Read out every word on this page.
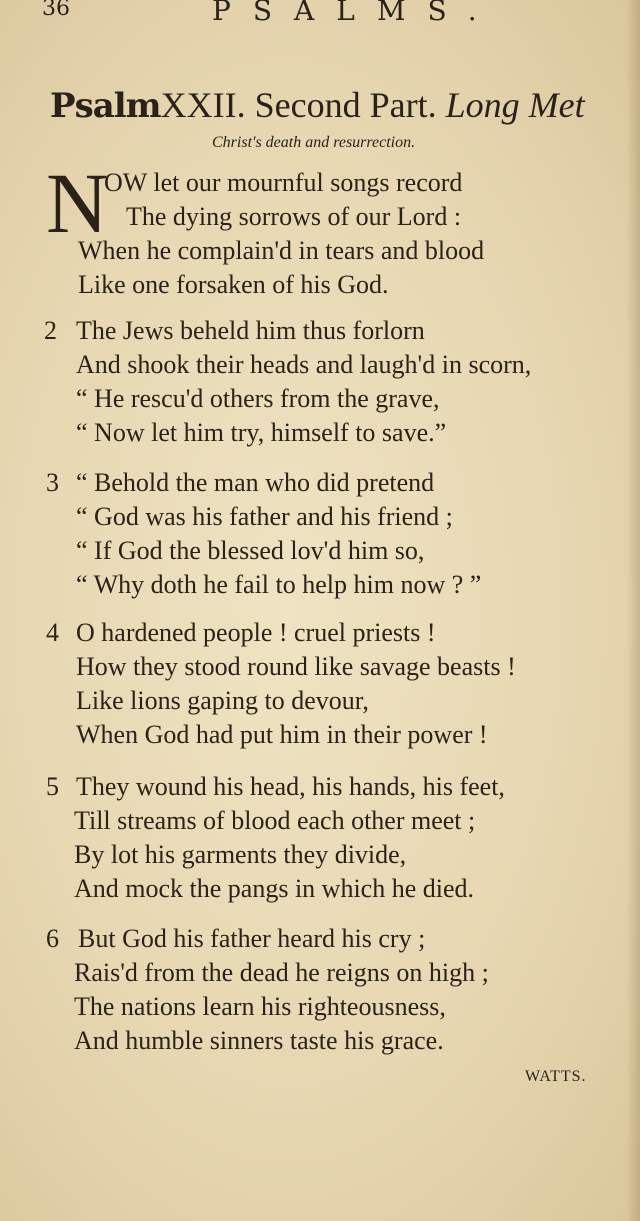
36	PSALMS.
PsalmXXII. Second Part. Long Met
Christ's death and resurrection.
N
OW let our mournful songs record
The dying sorrows of our Lord :
When he complain'd in tears and blood
Like one forsaken of his God.
2 The Jews beheld him thus forlorn
And shook their heads and laugh'd in scorn,
“ He rescu'd others from the grave,
“ Now let him try, himself to save.”
3 “ Behold the man who did pretend
“ God was his father and his friend ;
“ If God the blessed lov'd him so,
“ Why doth he fail to help him now ? ”
4 O hardened people ! cruel priests !
How they stood round like savage beasts !
Like lions gaping to devour,
When God had put him in their power !
5 They wound his head, his hands, his feet,
Till streams of blood each other meet ;
By lot his garments they divide,
And mock the pangs in which he died.
6 But God his father heard his cry ;
Rais'd from the dead he reigns on high ;
The nations learn his righteousness,
And humble sinners taste his grace.
WATTS.
